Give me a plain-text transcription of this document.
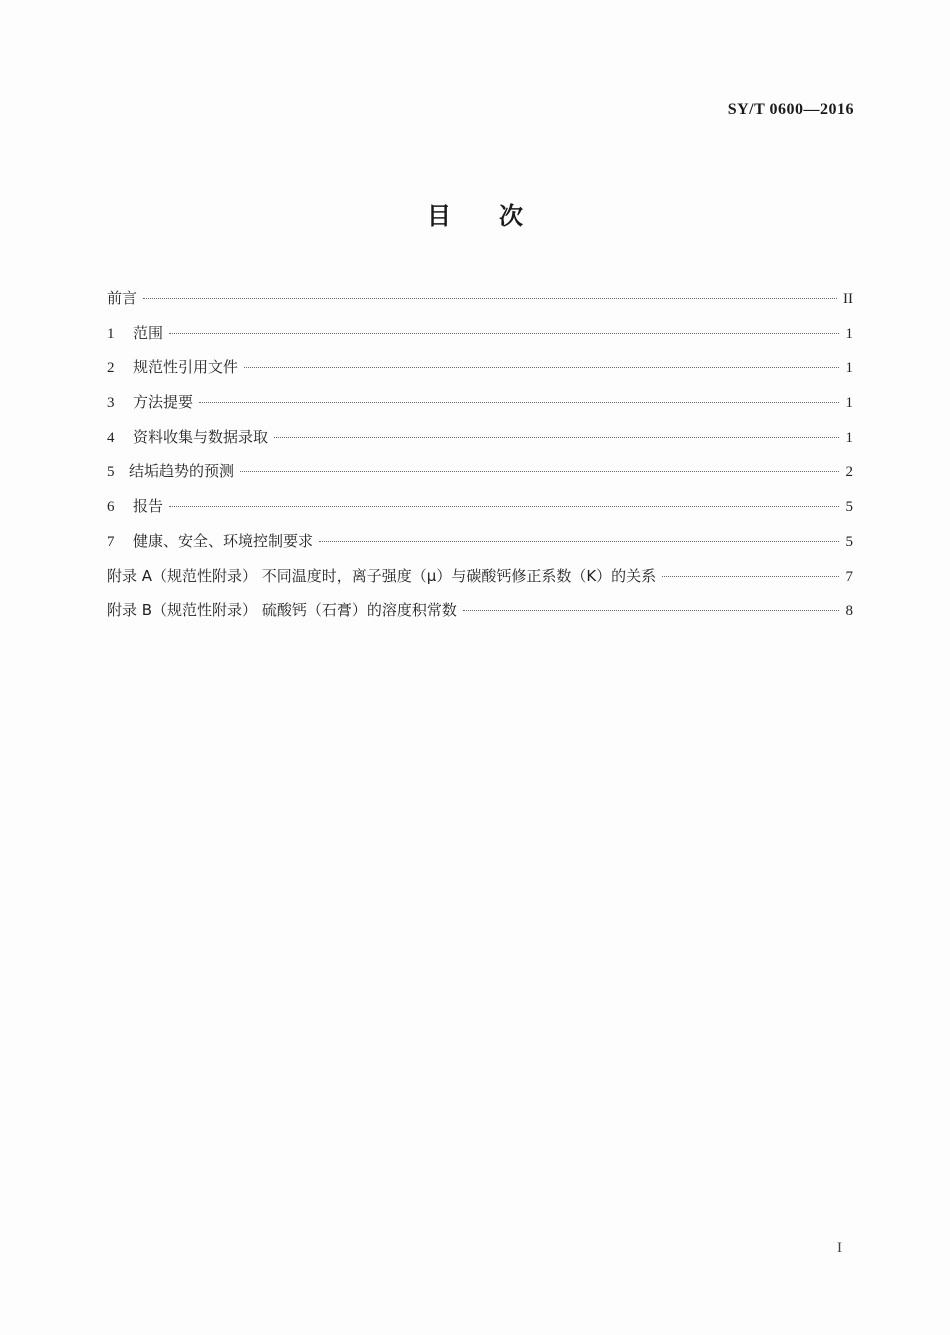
SY/T 0600—2016
目 次
前言	II
1	范围	1
2	规范性引用文件	1
3	方法提要	1
4	资料收集与数据录取	1
5 结垢趋势的预测	2
6	报告	5
7	健康、安全、环境控制要求	5
附录 A（规范性附录） 不同温度时，离子强度（μ）与碳酸钙修正系数（K）的关系	7
附录 B（规范性附录） 硫酸钙（石膏）的溶度积常数	8
I
